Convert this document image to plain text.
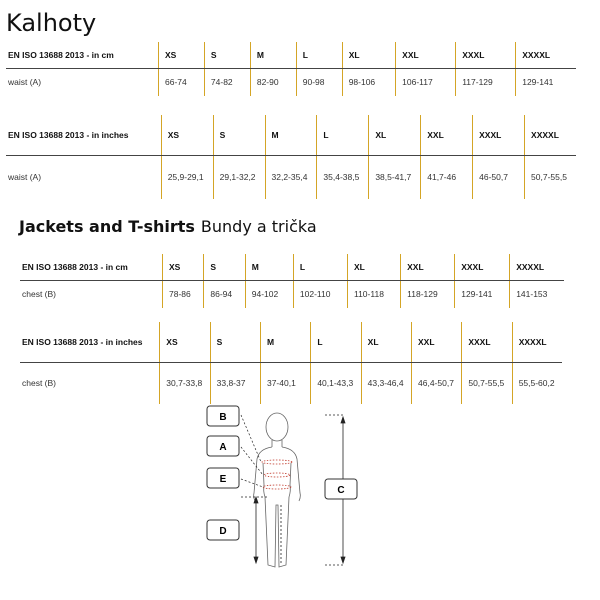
Kalhoty
EN ISO 13688 2013 - in cm	XS	S	M	L	XL	XXL	XXXL	XXXXL
waist (A)	66-74	74-82	82-90	90-98	98-106	106-117	117-129	129-141
EN ISO 13688 2013 - in inches	XS	S	M	L	XL	XXL	XXXL	XXXXL
waist (A)	25,9-29,1	29,1-32,2	32,2-35,4	35,4-38,5	38,5-41,7	41,7-46	46-50,7	50,7-55,5
Jackets and T-shirts Bundy a trička
EN ISO 13688 2013 - in cm	XS	S	M	L	XL	XXL	XXXL	XXXXL
chest (B)	78-86	86-94	94-102	102-110	110-118	118-129	129-141	141-153
EN ISO 13688 2013 - in inches	XS	S	M	L	XL	XXL	XXXL	XXXXL
chest (B)	30,7-33,8	33,8-37	37-40,1	40,1-43,3	43,3-46,4	46,4-50,7	50,7-55,5	55,5-60,2
B
A
E
D
C
